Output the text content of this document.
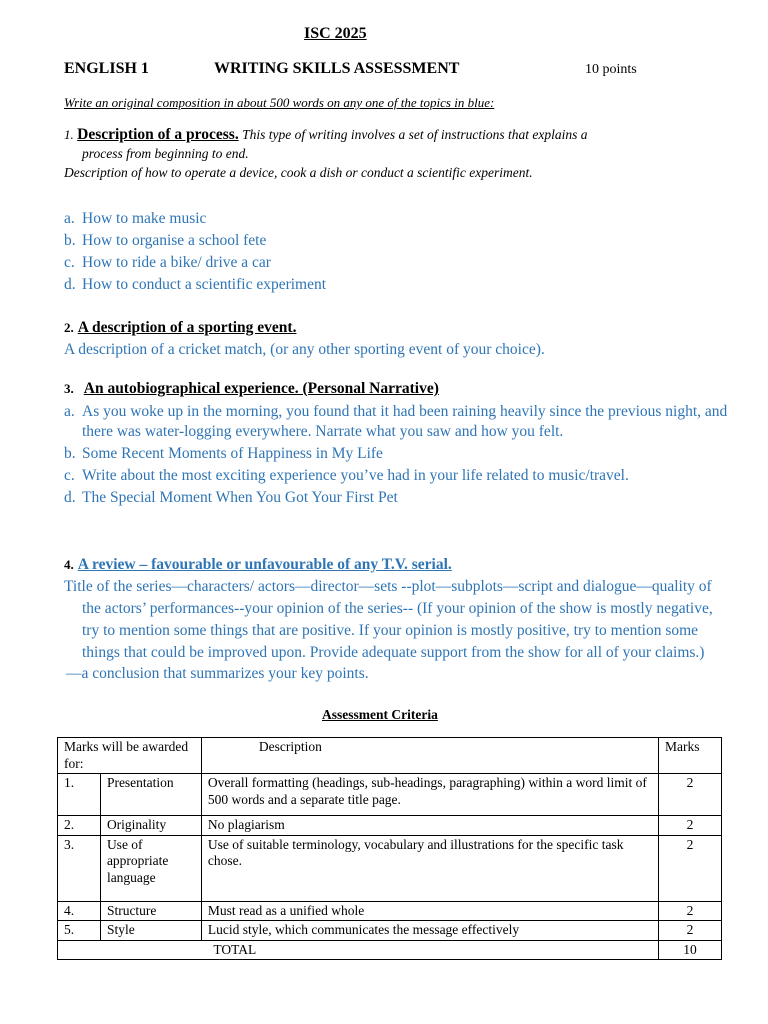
ISC 2025
ENGLISH 1	WRITING SKILLS ASSESSMENT	10 points
Write an original composition in about 500 words on any one of the topics in blue:
1. Description of a process. This type of writing involves a set of instructions that explains a
process from beginning to end.
Description of how to operate a device, cook a dish or conduct a scientific experiment.
a. How to make music
b. How to organise a school fete
c. How to ride a bike/ drive a car
d. How to conduct a scientific experiment
2. A description of a sporting event.
A description of a cricket match, (or any other sporting event of your choice).
3. An autobiographical experience. (Personal Narrative)
a. As you woke up in the morning, you found that it had been raining heavily since the previous night, and there was water-logging everywhere. Narrate what you saw and how you felt.
b. Some Recent Moments of Happiness in My Life
c. Write about the most exciting experience you’ve had in your life related to music/travel.
d. The Special Moment When You Got Your First Pet
4. A review – favourable or unfavourable of any T.V. serial.
Title of the series—characters/ actors—director—sets --plot—subplots—script and dialogue—quality of the actors’ performances--your opinion of the series-- (If your opinion of the show is mostly negative, try to mention some things that are positive. If your opinion is mostly positive, try to mention some things that could be improved upon. Provide adequate support from the show for all of your claims.)
—a conclusion that summarizes your key points.
Assessment Criteria
Marks will be awarded for:		Description	Marks
1.	Presentation	Overall formatting (headings, sub-headings, paragraphing) within a word limit of 500 words and a separate title page.	2
2.	Originality	No plagiarism	2
3.	Use of appropriate language	Use of suitable terminology, vocabulary and illustrations for the specific task chose.	2
4.	Structure	Must read as a unified whole	2
5.	Style	Lucid style, which communicates the message effectively	2
		TOTAL	10
